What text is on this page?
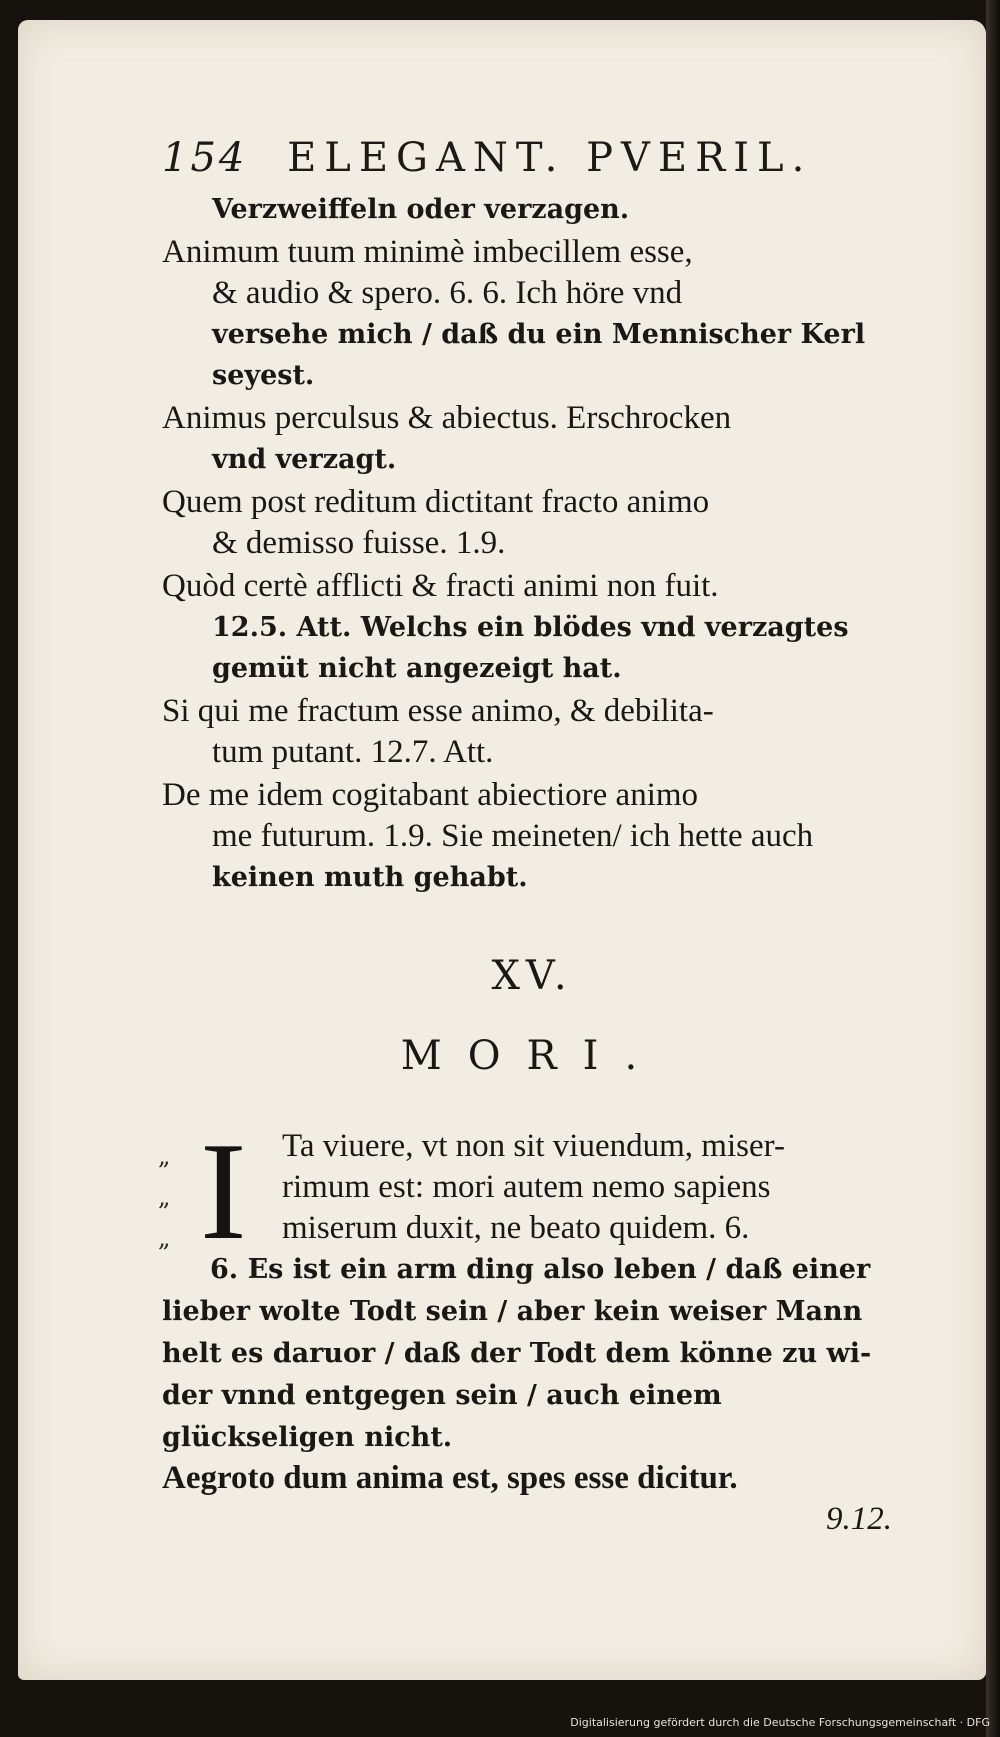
154 ELEGANT. PVERIL.
Verzweiffeln oder verzagen.
Animum tuum minimè imbecillem esse,
& audio & spero. 6. 6. Ich höre vnd
versehe mich / daß du ein Mennischer Kerl
seyest.
Animus perculsus & abiectus. Erschrocken
vnd verzagt.
Quem post reditum dictitant fracto animo
& demisso fuisse. 1.9.
Quòd certè afflicti & fracti animi non fuit.
12.5. Att. Welchs ein blödes vnd verzagtes
gemüt nicht angezeigt hat.
Si qui me fractum esse animo, & debilita-
tum putant. 12.7. Att.
De me idem cogitabant abiectiore animo
me futurum. 1.9. Sie meineten/ ich hette auch
keinen muth gehabt.
XV.
MORI.
I
„
„
„
Ta viuere, vt non sit viuendum, miser-
rimum est: mori autem nemo sapiens
miserum duxit, ne beato quidem. 6.
6. Es ist ein arm ding also leben / daß einer
lieber wolte Todt sein / aber kein weiser Mann helt es daruor / daß der Todt dem könne zu wi- der vnnd entgegen sein / auch einem glückseligen nicht.
Aegroto dum anima est, spes esse dicitur.
9.12.
Digitalisierung gefördert durch die Deutsche Forschungsgemeinschaft · DFG
